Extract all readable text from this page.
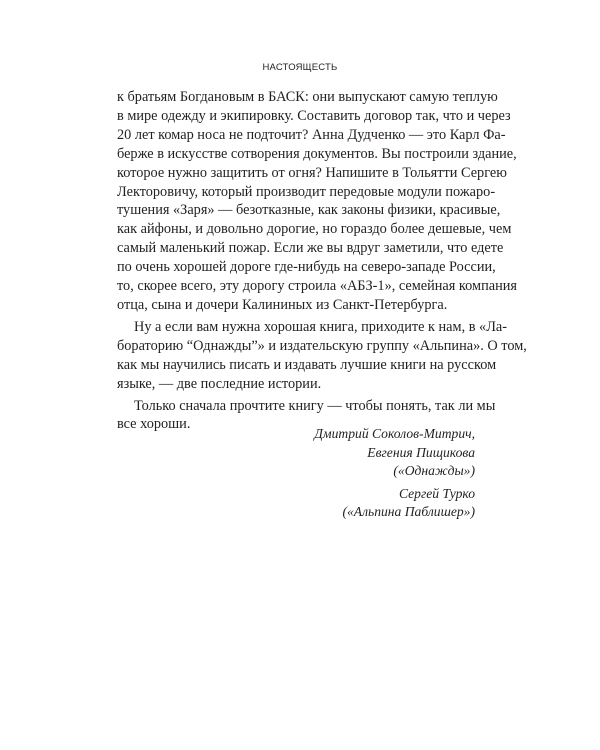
НАСТОЯЩЕСТЬ
к братьям Богдановым в БАСК: они выпускают самую теплую
в мире одежду и экипировку. Составить договор так, что и через
20 лет комар носа не подточит? Анна Дудченко — это Карл Фа-
берже в искусстве сотворения документов. Вы построили здание,
которое нужно защитить от огня? Напишите в Тольятти Сергею
Лекторовичу, который производит передовые модули пожаро-
тушения «Заря» — безотказные, как законы физики, красивые,
как айфоны, и довольно дорогие, но гораздо более дешевые, чем
самый маленький пожар. Если же вы вдруг заметили, что едете
по очень хорошей дороге где-нибудь на северо-западе России,
то, скорее всего, эту дорогу строила «АБЗ-1», семейная компания
отца, сына и дочери Калининых из Санкт-Петербурга.
Ну а если вам нужна хорошая книга, приходите к нам, в «Ла-
бораторию “Однажды”» и издательскую группу «Альпина». О том,
как мы научились писать и издавать лучшие книги на русском
языке, — две последние истории.
Только сначала прочтите книгу — чтобы понять, так ли мы
все хороши.
Дмитрий Соколов-Митрич,
Евгения Пищикова
(«Однажды»)
Сергей Турко
(«Альпина Паблишер»)
